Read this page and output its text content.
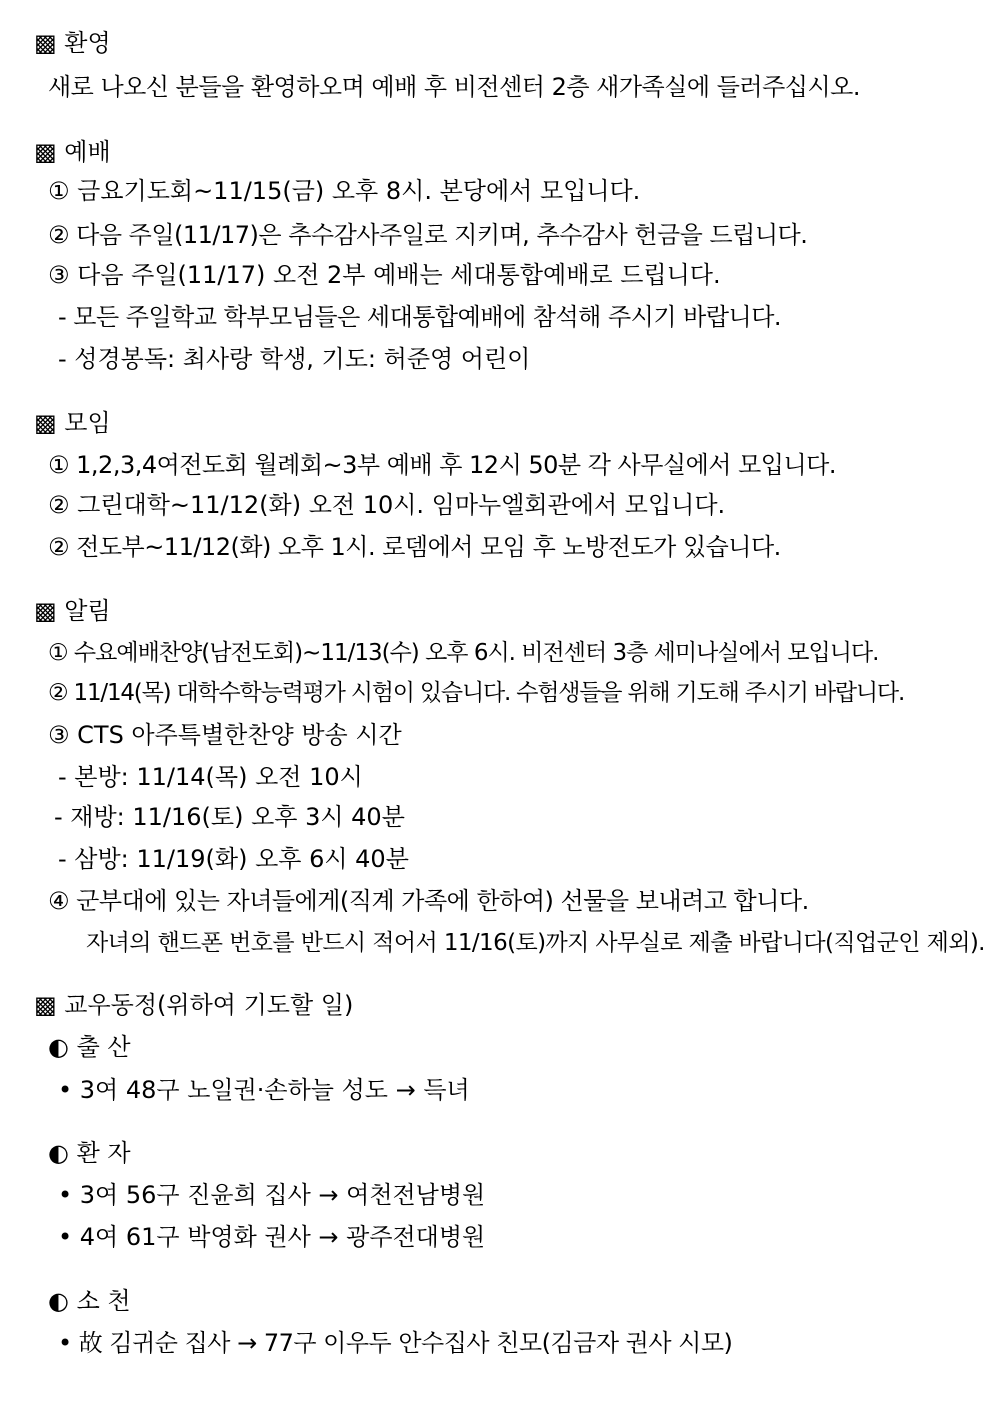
▩ 환영
새로 나오신 분들을 환영하오며 예배 후 비전센터 2층 새가족실에 들러주십시오.
▩ 예배
① 금요기도회~11/15(금) 오후 8시. 본당에서 모입니다.
② 다음 주일(11/17)은 추수감사주일로 지키며, 추수감사 헌금을 드립니다.
③ 다음 주일(11/17) 오전 2부 예배는 세대통합예배로 드립니다.
- 모든 주일학교 학부모님들은 세대통합예배에 참석해 주시기 바랍니다.
- 성경봉독: 최사랑 학생, 기도: 허준영 어린이
▩ 모임
① 1,2,3,4여전도회 월례회~3부 예배 후 12시 50분 각 사무실에서 모입니다.
② 그린대학~11/12(화) 오전 10시. 임마누엘회관에서 모입니다.
② 전도부~11/12(화) 오후 1시. 로뎀에서 모임 후 노방전도가 있습니다.
▩ 알림
① 수요예배찬양(남전도회)~11/13(수) 오후 6시. 비전센터 3층 세미나실에서 모입니다.
② 11/14(목) 대학수학능력평가 시험이 있습니다. 수험생들을 위해 기도해 주시기 바랍니다.
③ CTS 아주특별한찬양 방송 시간
- 본방: 11/14(목) 오전 10시
- 재방: 11/16(토) 오후 3시 40분
- 삼방: 11/19(화) 오후 6시 40분
④ 군부대에 있는 자녀들에게(직계 가족에 한하여) 선물을 보내려고 합니다.
자녀의 핸드폰 번호를 반드시 적어서 11/16(토)까지 사무실로 제출 바랍니다(직업군인 제외).
▩ 교우동정(위하여 기도할 일)
◐ 출 산
• 3여 48구 노일권·손하늘 성도 → 득녀
◐ 환 자
• 3여 56구 진윤희 집사 → 여천전남병원
• 4여 61구 박영화 권사 → 광주전대병원
◐ 소 천
• 故 김귀순 집사 → 77구 이우두 안수집사 친모(김금자 권사 시모)
